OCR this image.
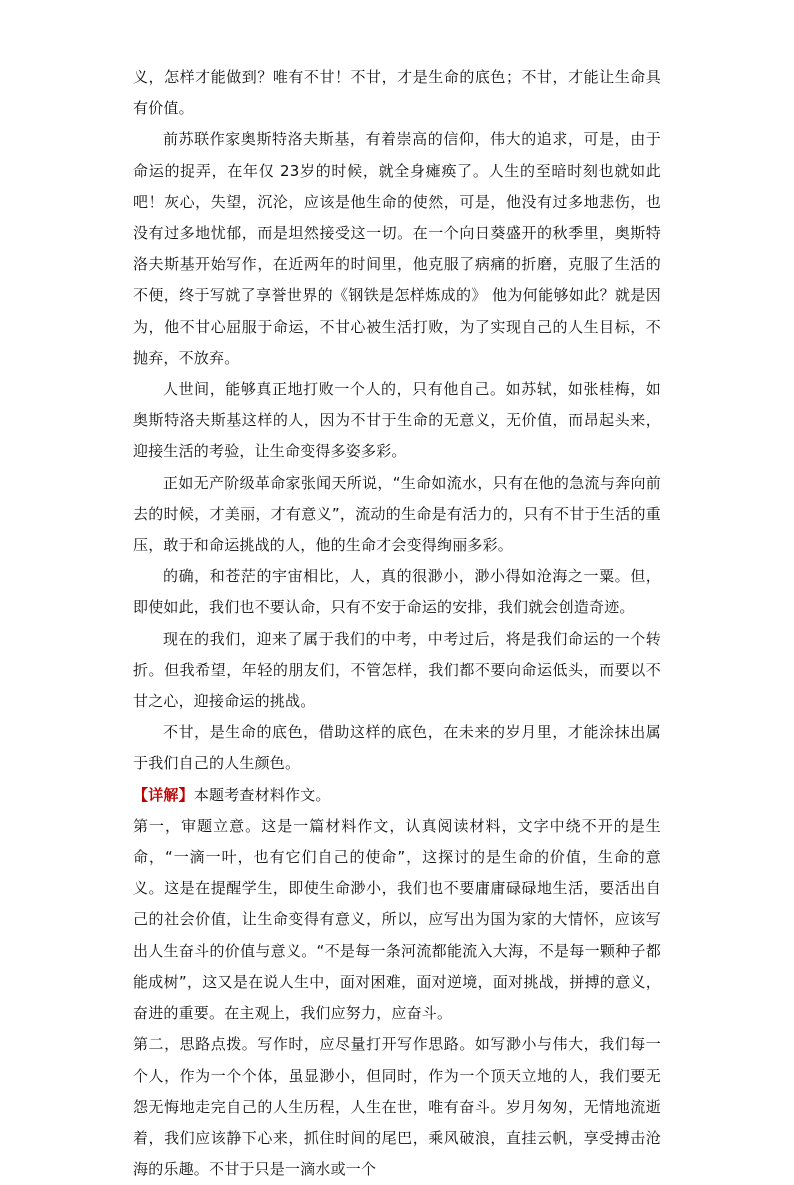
义，怎样才能做到？唯有不甘！不甘，才是生命的底色；不甘，才能让生命具有价值。

前苏联作家奥斯特洛夫斯基，有着崇高的信仰，伟大的追求，可是，由于命运的捉弄，在年仅 23岁的时候，就全身瘫痪了。人生的至暗时刻也就如此吧！灰心，失望，沉沦，应该是他生命的使然，可是，他没有过多地悲伤，也没有过多地忧郁，而是坦然接受这一切。在一个向日葵盛开的秋季里，奥斯特洛夫斯基开始写作，在近两年的时间里，他克服了病痛的折磨，克服了生活的不便，终于写就了享誉世界的《钢铁是怎样炼成的》 他为何能够如此？就是因为，他不甘心屈服于命运，不甘心被生活打败，为了实现自己的人生目标，不抛弃，不放弃。

人世间，能够真正地打败一个人的，只有他自己。如苏轼，如张桂梅，如奥斯特洛夫斯基这样的人，因为不甘于生命的无意义，无价值，而昂起头来，迎接生活的考验，让生命变得多姿多彩。

正如无产阶级革命家张闻天所说，“生命如流水，只有在他的急流与奔向前去的时候，才美丽，才有意义”，流动的生命是有活力的，只有不甘于生活的重压，敢于和命运挑战的人，他的生命才会变得绚丽多彩。

的确，和苍茫的宇宙相比，人，真的很渺小，渺小得如沧海之一粟。但，即使如此，我们也不要认命，只有不安于命运的安排，我们就会创造奇迹。

现在的我们，迎来了属于我们的中考，中考过后，将是我们命运的一个转折。但我希望，年轻的朋友们，不管怎样，我们都不要向命运低头，而要以不甘之心，迎接命运的挑战。

不甘，是生命的底色，借助这样的底色，在未来的岁月里，才能涂抹出属于我们自己的人生颜色。

【详解】本题考查材料作文。

第一，审题立意。这是一篇材料作文，认真阅读材料，文字中绕不开的是生命，“一滴一叶，也有它们自己的使命”，这探讨的是生命的价值，生命的意义。这是在提醒学生，即使生命渺小，我们也不要庸庸碌碌地生活，要活出自己的社会价值，让生命变得有意义，所以，应写出为国为家的大情怀，应该写出人生奋斗的价值与意义。“不是每一条河流都能流入大海，不是每一颗种子都能成树”，这又是在说人生中，面对困难，面对逆境，面对挑战，拼搏的意义，奋进的重要。在主观上，我们应努力，应奋斗。

第二，思路点拨。写作时，应尽量打开写作思路。如写渺小与伟大，我们每一个人，作为一个个体，虽显渺小，但同时，作为一个顶天立地的人，我们要无怨无悔地走完自己的人生历程，人生在世，唯有奋斗。岁月匆匆，无情地流逝着，我们应该静下心来，抓住时间的尾巴，乘风破浪，直挂云帆，享受搏击沧海的乐趣。不甘于只是一滴水或一个
